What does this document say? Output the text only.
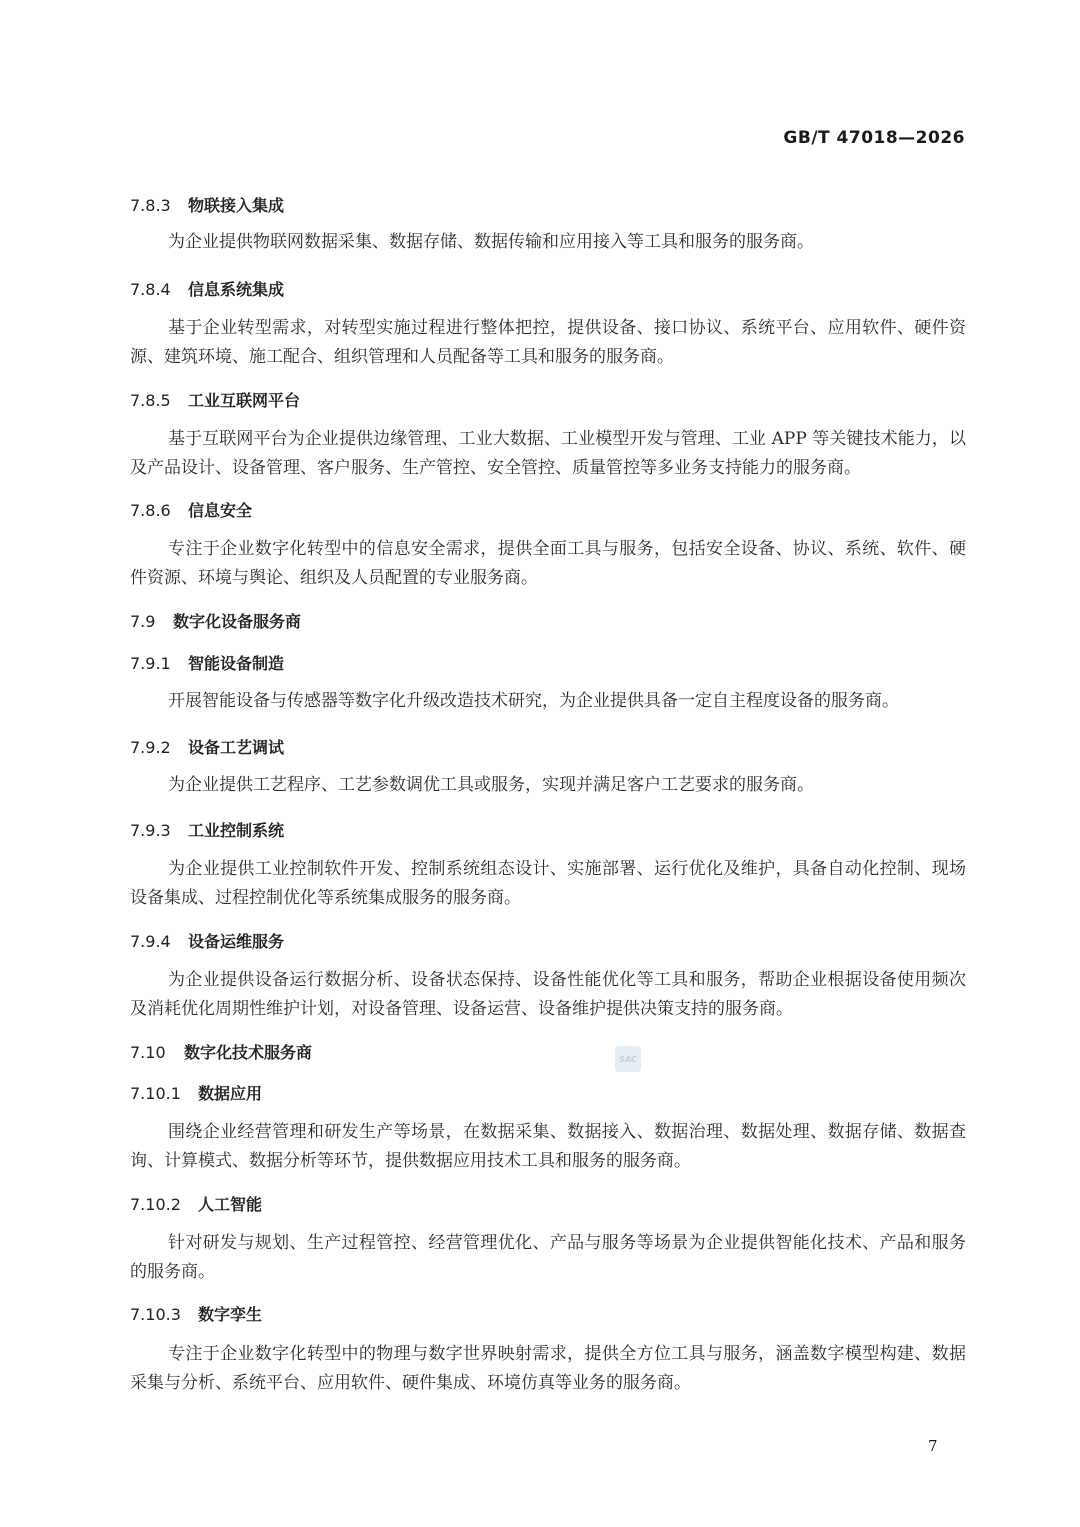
GB/T 47018—2026
7.8.3 物联接入集成

为企业提供物联网数据采集、数据存储、数据传输和应用接入等工具和服务的服务商。

7.8.4 信息系统集成

基于企业转型需求，对转型实施过程进行整体把控，提供设备、接口协议、系统平台、应用软件、硬件资源、建筑环境、施工配合、组织管理和人员配备等工具和服务的服务商。

7.8.5 工业互联网平台

基于互联网平台为企业提供边缘管理、工业大数据、工业模型开发与管理、工业 APP 等关键技术能力，以及产品设计、设备管理、客户服务、生产管控、安全管控、质量管控等多业务支持能力的服务商。

7.8.6 信息安全

专注于企业数字化转型中的信息安全需求，提供全面工具与服务，包括安全设备、协议、系统、软件、硬件资源、环境与舆论、组织及人员配置的专业服务商。

7.9 数字化设备服务商
7.9.1 智能设备制造

开展智能设备与传感器等数字化升级改造技术研究，为企业提供具备一定自主程度设备的服务商。

7.9.2 设备工艺调试

为企业提供工艺程序、工艺参数调优工具或服务，实现并满足客户工艺要求的服务商。

7.9.3 工业控制系统

为企业提供工业控制软件开发、控制系统组态设计、实施部署、运行优化及维护，具备自动化控制、现场设备集成、过程控制优化等系统集成服务的服务商。

7.9.4 设备运维服务

为企业提供设备运行数据分析、设备状态保持、设备性能优化等工具和服务，帮助企业根据设备使用频次及消耗优化周期性维护计划，对设备管理、设备运营、设备维护提供决策支持的服务商。

7.10 数字化技术服务商	SAC
7.10.1 数据应用

围绕企业经营管理和研发生产等场景，在数据采集、数据接入、数据治理、数据处理、数据存储、数据查询、计算模式、数据分析等环节，提供数据应用技术工具和服务的服务商。

7.10.2 人工智能

针对研发与规划、生产过程管控、经营管理优化、产品与服务等场景为企业提供智能化技术、产品和服务的服务商。

7.10.3 数字孪生

专注于企业数字化转型中的物理与数字世界映射需求，提供全方位工具与服务，涵盖数字模型构建、数据采集与分析、系统平台、应用软件、硬件集成、环境仿真等业务的服务商。

7
